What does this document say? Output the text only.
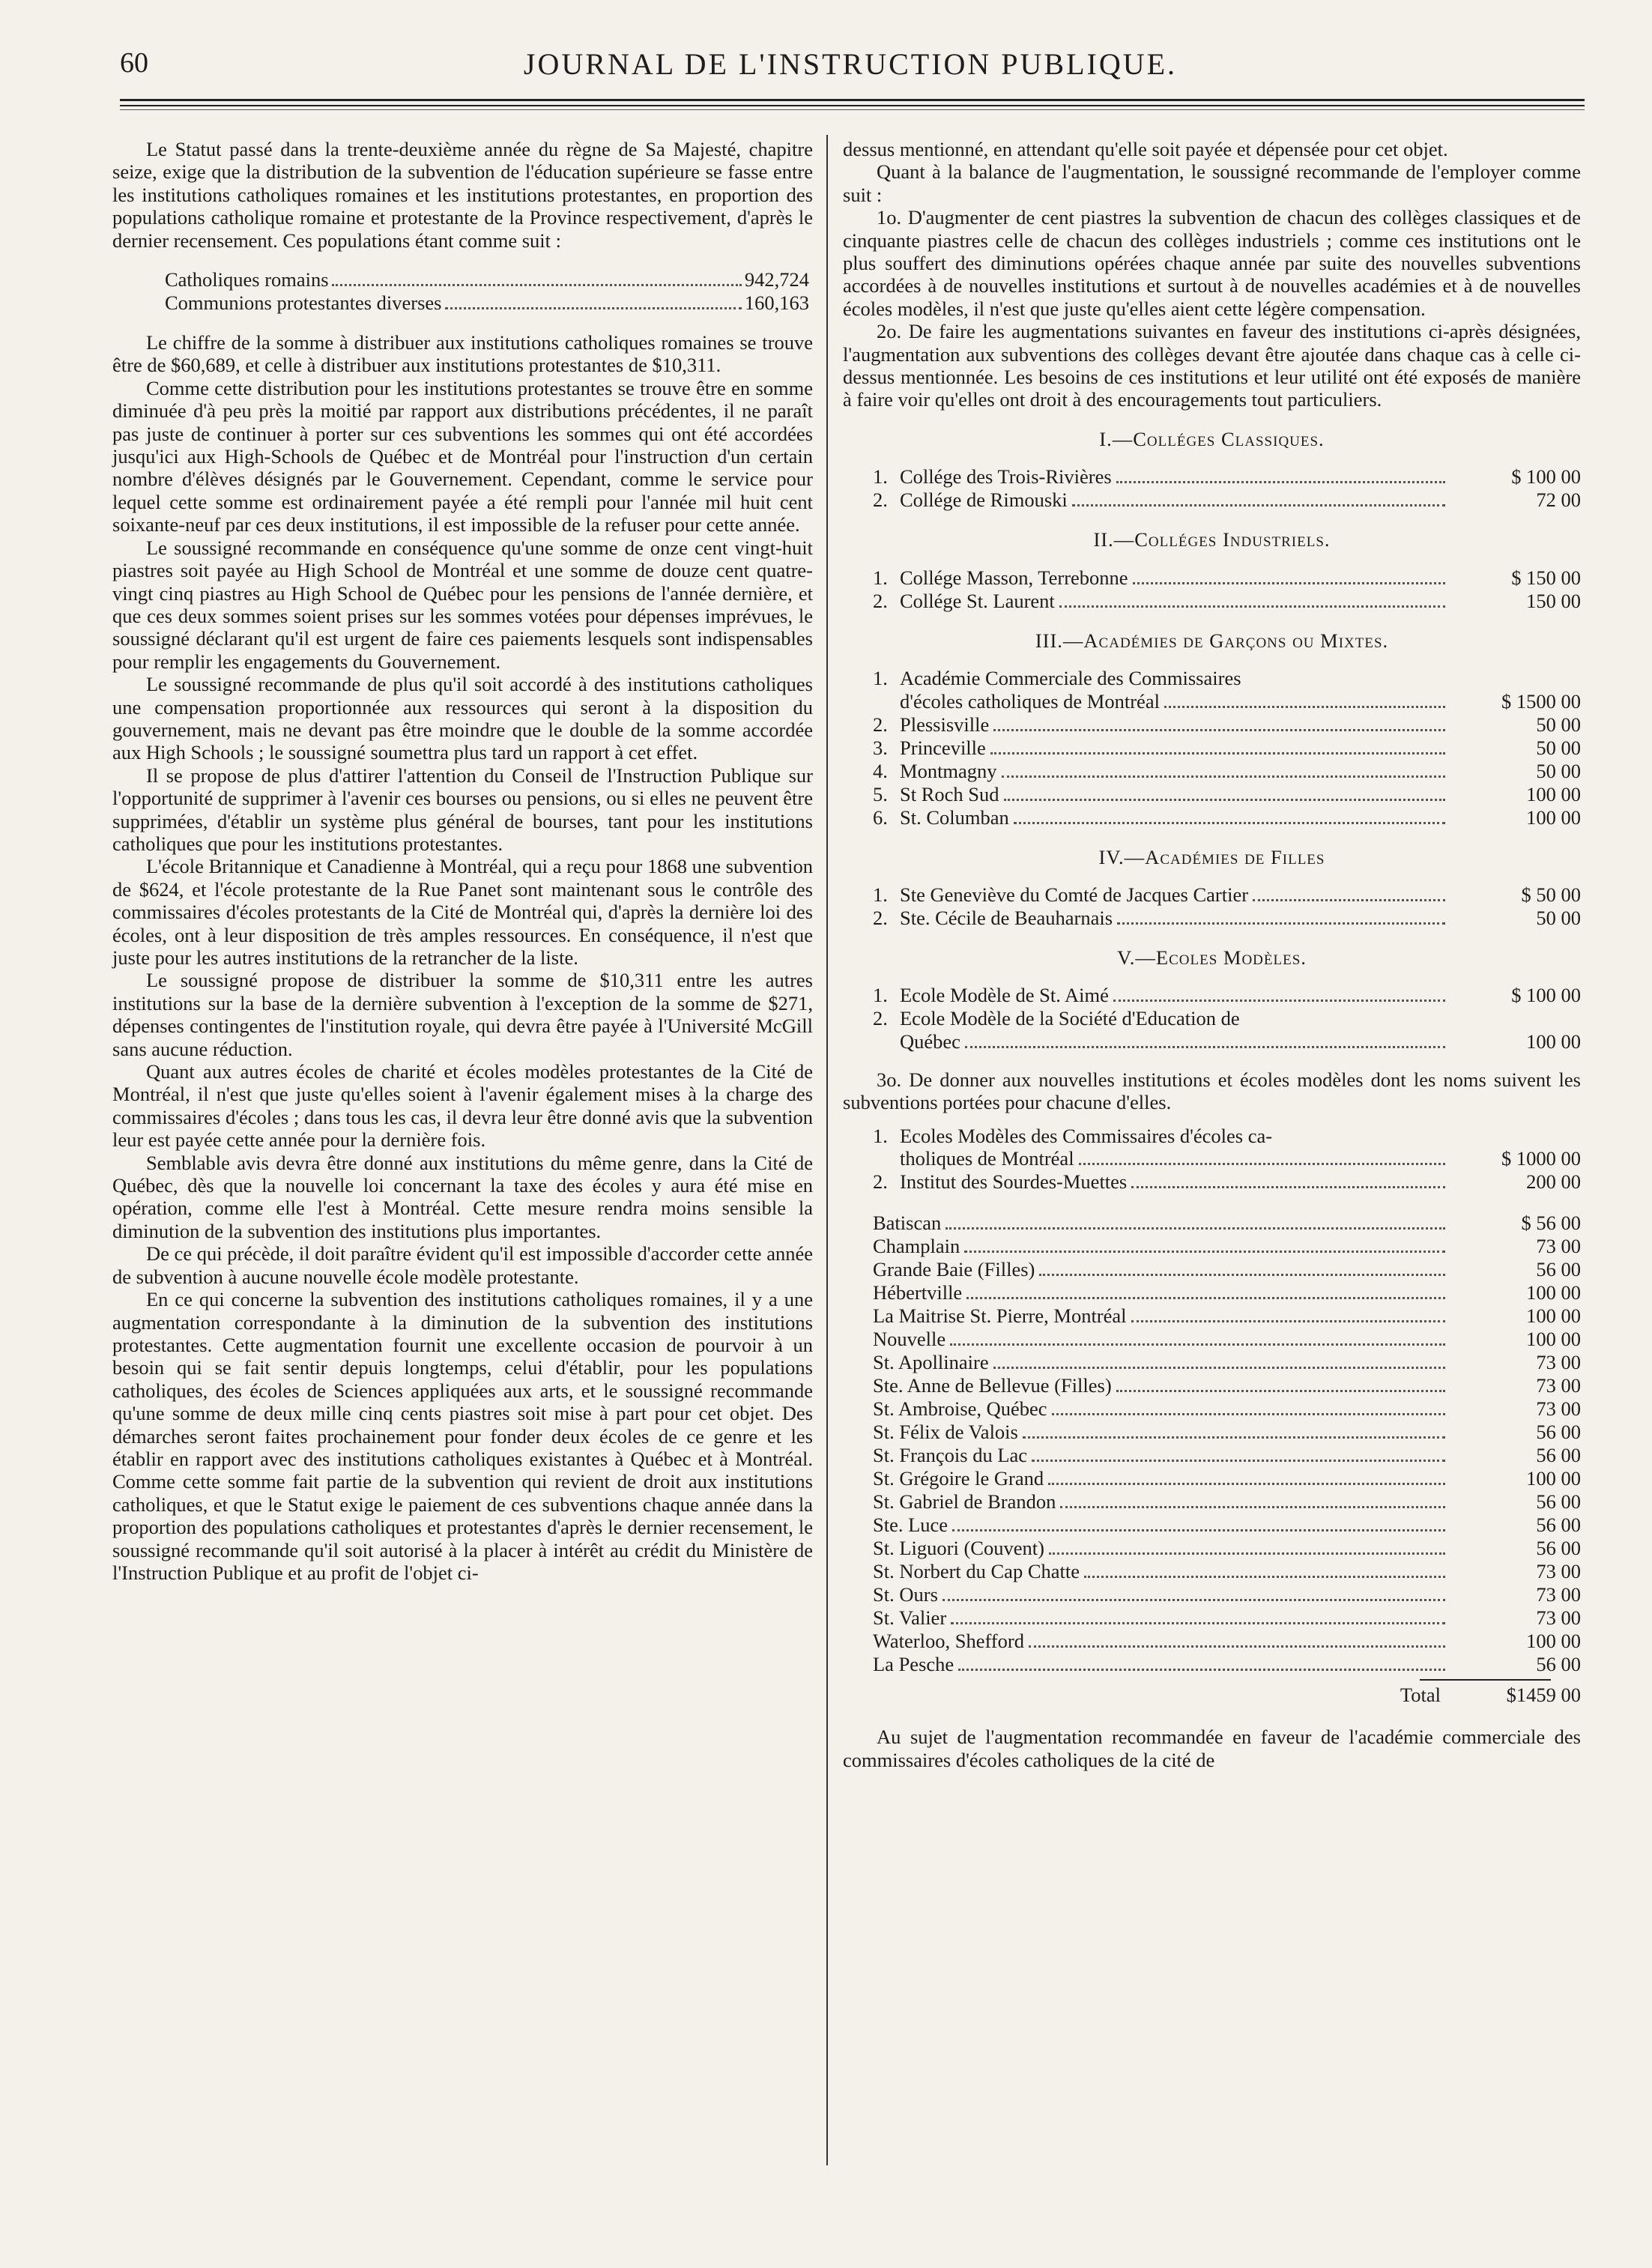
60	JOURNAL DE L'INSTRUCTION PUBLIQUE.

Le Statut passé dans la trente-deuxième année du règne de Sa Majesté, chapitre seize, exige que la distribution de la subvention de l'éducation supérieure se fasse entre les institutions catholiques romaines et les institutions protestantes, en proportion des populations catholique romaine et protestante de la Province respectivement, d'après le dernier recensement. Ces populations étant comme suit :

Catholiques romains	942,724
Communions protestantes diverses	160,163

Le chiffre de la somme à distribuer aux institutions catholiques romaines se trouve être de $60,689, et celle à distribuer aux institutions protestantes de $10,311.

Comme cette distribution pour les institutions protestantes se trouve être en somme diminuée d'à peu près la moitié par rapport aux distributions précédentes, il ne paraît pas juste de continuer à porter sur ces subventions les sommes qui ont été accordées jusqu'ici aux High-Schools de Québec et de Montréal pour l'instruction d'un certain nombre d'élèves désignés par le Gouvernement. Cependant, comme le service pour lequel cette somme est ordinairement payée a été rempli pour l'année mil huit cent soixante-neuf par ces deux institutions, il est impossible de la refuser pour cette année.

Le soussigné recommande en conséquence qu'une somme de onze cent vingt-huit piastres soit payée au High School de Montréal et une somme de douze cent quatre-vingt cinq piastres au High School de Québec pour les pensions de l'année dernière, et que ces deux sommes soient prises sur les sommes votées pour dépenses imprévues, le soussigné déclarant qu'il est urgent de faire ces paiements lesquels sont indispensables pour remplir les engagements du Gouvernement.

Le soussigné recommande de plus qu'il soit accordé à des institutions catholiques une compensation proportionnée aux ressources qui seront à la disposition du gouvernement, mais ne devant pas être moindre que le double de la somme accordée aux High Schools ; le soussigné soumettra plus tard un rapport à cet effet.

Il se propose de plus d'attirer l'attention du Conseil de l'Instruction Publique sur l'opportunité de supprimer à l'avenir ces bourses ou pensions, ou si elles ne peuvent être supprimées, d'établir un système plus général de bourses, tant pour les institutions catholiques que pour les institutions protestantes.

L'école Britannique et Canadienne à Montréal, qui a reçu pour 1868 une subvention de $624, et l'école protestante de la Rue Panet sont maintenant sous le contrôle des commissaires d'écoles protestants de la Cité de Montréal qui, d'après la dernière loi des écoles, ont à leur disposition de très amples ressources. En conséquence, il n'est que juste pour les autres institutions de la retrancher de la liste.

Le soussigné propose de distribuer la somme de $10,311 entre les autres institutions sur la base de la dernière subvention à l'exception de la somme de $271, dépenses contingentes de l'institution royale, qui devra être payée à l'Université McGill sans aucune réduction.

Quant aux autres écoles de charité et écoles modèles protestantes de la Cité de Montréal, il n'est que juste qu'elles soient à l'avenir également mises à la charge des commissaires d'écoles ; dans tous les cas, il devra leur être donné avis que la subvention leur est payée cette année pour la dernière fois.

Semblable avis devra être donné aux institutions du même genre, dans la Cité de Québec, dès que la nouvelle loi concernant la taxe des écoles y aura été mise en opération, comme elle l'est à Montréal. Cette mesure rendra moins sensible la diminution de la subvention des institutions plus importantes.

De ce qui précède, il doit paraître évident qu'il est impossible d'accorder cette année de subvention à aucune nouvelle école modèle protestante.

En ce qui concerne la subvention des institutions catholiques romaines, il y a une augmentation correspondante à la diminution de la subvention des institutions protestantes. Cette augmentation fournit une excellente occasion de pourvoir à un besoin qui se fait sentir depuis longtemps, celui d'établir, pour les populations catholiques, des écoles de Sciences appliquées aux arts, et le soussigné recommande qu'une somme de deux mille cinq cents piastres soit mise à part pour cet objet. Des démarches seront faites prochainement pour fonder deux écoles de ce genre et les établir en rapport avec des institutions catholiques existantes à Québec et à Montréal. Comme cette somme fait partie de la subvention qui revient de droit aux institutions catholiques, et que le Statut exige le paiement de ces subventions chaque année dans la proportion des populations catholiques et protestantes d'après le dernier recensement, le soussigné recommande qu'il soit autorisé à la placer à intérêt au crédit du Ministère de l'Instruction Publique et au profit de l'objet ci-

dessus mentionné, en attendant qu'elle soit payée et dépensée pour cet objet.

Quant à la balance de l'augmentation, le soussigné recommande de l'employer comme suit :

1o. D'augmenter de cent piastres la subvention de chacun des collèges classiques et de cinquante piastres celle de chacun des collèges industriels ; comme ces institutions ont le plus souffert des diminutions opérées chaque année par suite des nouvelles subventions accordées à de nouvelles institutions et surtout à de nouvelles académies et à de nouvelles écoles modèles, il n'est que juste qu'elles aient cette légère compensation.

2o. De faire les augmentations suivantes en faveur des institutions ci-après désignées, l'augmentation aux subventions des collèges devant être ajoutée dans chaque cas à celle ci-dessus mentionnée. Les besoins de ces institutions et leur utilité ont été exposés de manière à faire voir qu'elles ont droit à des encouragements tout particuliers.

I.—Colléges Classiques.
1. Collége des Trois-Rivières	$ 100 00
2. Collége de Rimouski	72 00
II.—Colléges Industriels.
1. Collége Masson, Terrebonne	$ 150 00
2. Collége St. Laurent	150 00
III.—Académies de Garçons ou Mixtes.
1. Académie Commerciale des Commissaires
d'écoles catholiques de Montréal	$ 1500 00
2. Plessisville	50 00
3. Princeville	50 00
4. Montmagny	50 00
5. St Roch Sud	100 00
6. St. Columban	100 00
IV.—Académies de Filles
1. Ste Geneviève du Comté de Jacques Cartier	$ 50 00
2. Ste. Cécile de Beauharnais	50 00
V.—Ecoles Modèles.
1. Ecole Modèle de St. Aimé	$ 100 00
2. Ecole Modèle de la Société d'Education de
Québec	100 00

3o. De donner aux nouvelles institutions et écoles modèles dont les noms suivent les subventions portées pour chacune d'elles.

1. Ecoles Modèles des Commissaires d'écoles ca-
tholiques de Montréal	$ 1000 00
2. Institut des Sourdes-Muettes	200 00
Batiscan	$ 56 00
Champlain	73 00
Grande Baie (Filles)	56 00
Hébertville	100 00
La Maitrise St. Pierre, Montréal	100 00
Nouvelle	100 00
St. Apollinaire	73 00
Ste. Anne de Bellevue (Filles)	73 00
St. Ambroise, Québec	73 00
St. Félix de Valois	56 00
St. François du Lac	56 00
St. Grégoire le Grand	100 00
St. Gabriel de Brandon	56 00
Ste. Luce	56 00
St. Liguori (Couvent)	56 00
St. Norbert du Cap Chatte	73 00
St. Ours	73 00
St. Valier	73 00
Waterloo, Shefford	100 00
La Pesche	56 00
Total	$1459 00

Au sujet de l'augmentation recommandée en faveur de l'académie commerciale des commissaires d'écoles catholiques de la cité de
